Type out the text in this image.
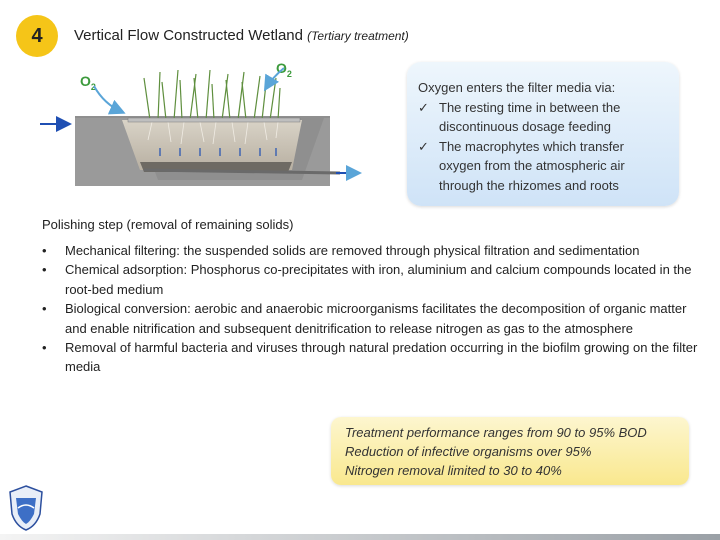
4 Vertical Flow Constructed Wetland (Tertiary treatment)
$O_2$
$O_2$
Oxygen enters the filter media via:
✓ The resting time in between the discontinuous dosage feeding
✓ The macrophytes which transfer oxygen from the atmospheric air through the rhizomes and roots
Polishing step (removal of remaining solids)
• Mechanical filtering: the suspended solids are removed through physical filtration and sedimentation
• Chemical adsorption: Phosphorus co-precipitates with iron, aluminium and calcium compounds located in the root-bed medium
• Biological conversion: aerobic and anaerobic microorganisms facilitates the decomposition of organic matter and enable nitrification and subsequent denitrification to release nitrogen as gas to the atmosphere
• Removal of harmful bacteria and viruses through natural predation occurring in the biofilm growing on the filter media
Treatment performance ranges from 90 to 95% BOD
Reduction of infective organisms over 95%
Nitrogen removal limited to 30 to 40%
